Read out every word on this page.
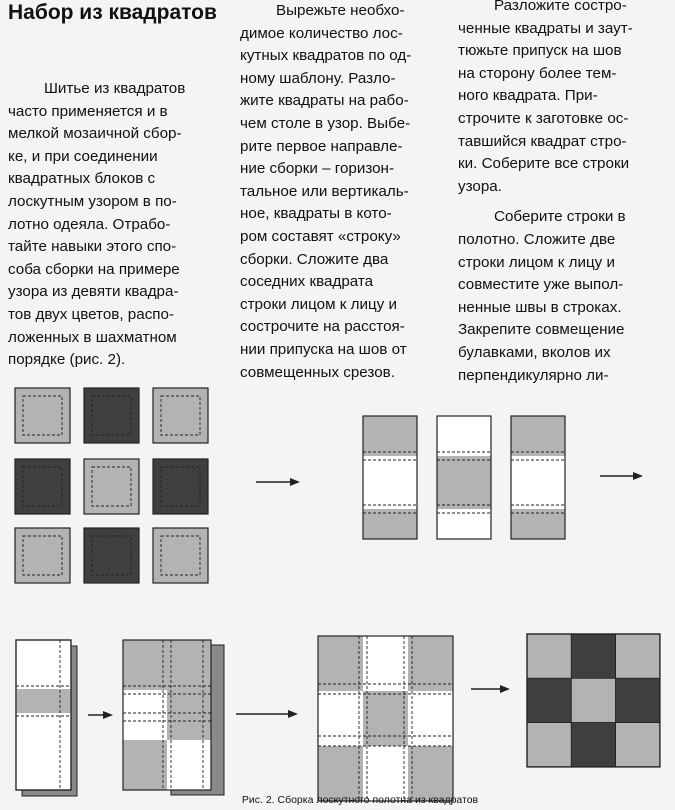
Набор из квадратов

Шитье из квадратов
часто применяется и в
мелкой мозаичной сбор-
ке, и при соединении
квадратных блоков с
лоскутным узором в по-
лотно одеяла. Отрабо-
тайте навыки этого спо-
соба сборки на примере
узора из девяти квадра-
тов двух цветов, распо-
ложенных в шахматном
порядке (рис. 2).

Вырежьте необхо-
димое количество лос-
кутных квадратов по од-
ному шаблону. Разло-
жите квадраты на рабо-
чем столе в узор. Выбе-
рите первое направле-
ние сборки – горизон-
тальное или вертикаль-
ное, квадраты в кото-
ром составят «строку»
сборки. Сложите два
соседних квадрата
строки лицом к лицу и
сострочите на расстоя-
нии припуска на шов от
совмещенных срезов.

Разложите состро-
ченные квадраты и заут-
тюжьте припуск на шов
на сторону более тем-
ного квадрата. При-
строчите к заготовке ос-
тавшийся квадрат стро-
ки. Соберите все строки
узора.

Соберите строки в
полотно. Сложите две
строки лицом к лицу и
совместите уже выпол-
ненные швы в строках.
Закрепите совмещение
булавками, вколов их
перпендикулярно ли-

Рис. 2. Сборка лоскутного полотна из квадратов
